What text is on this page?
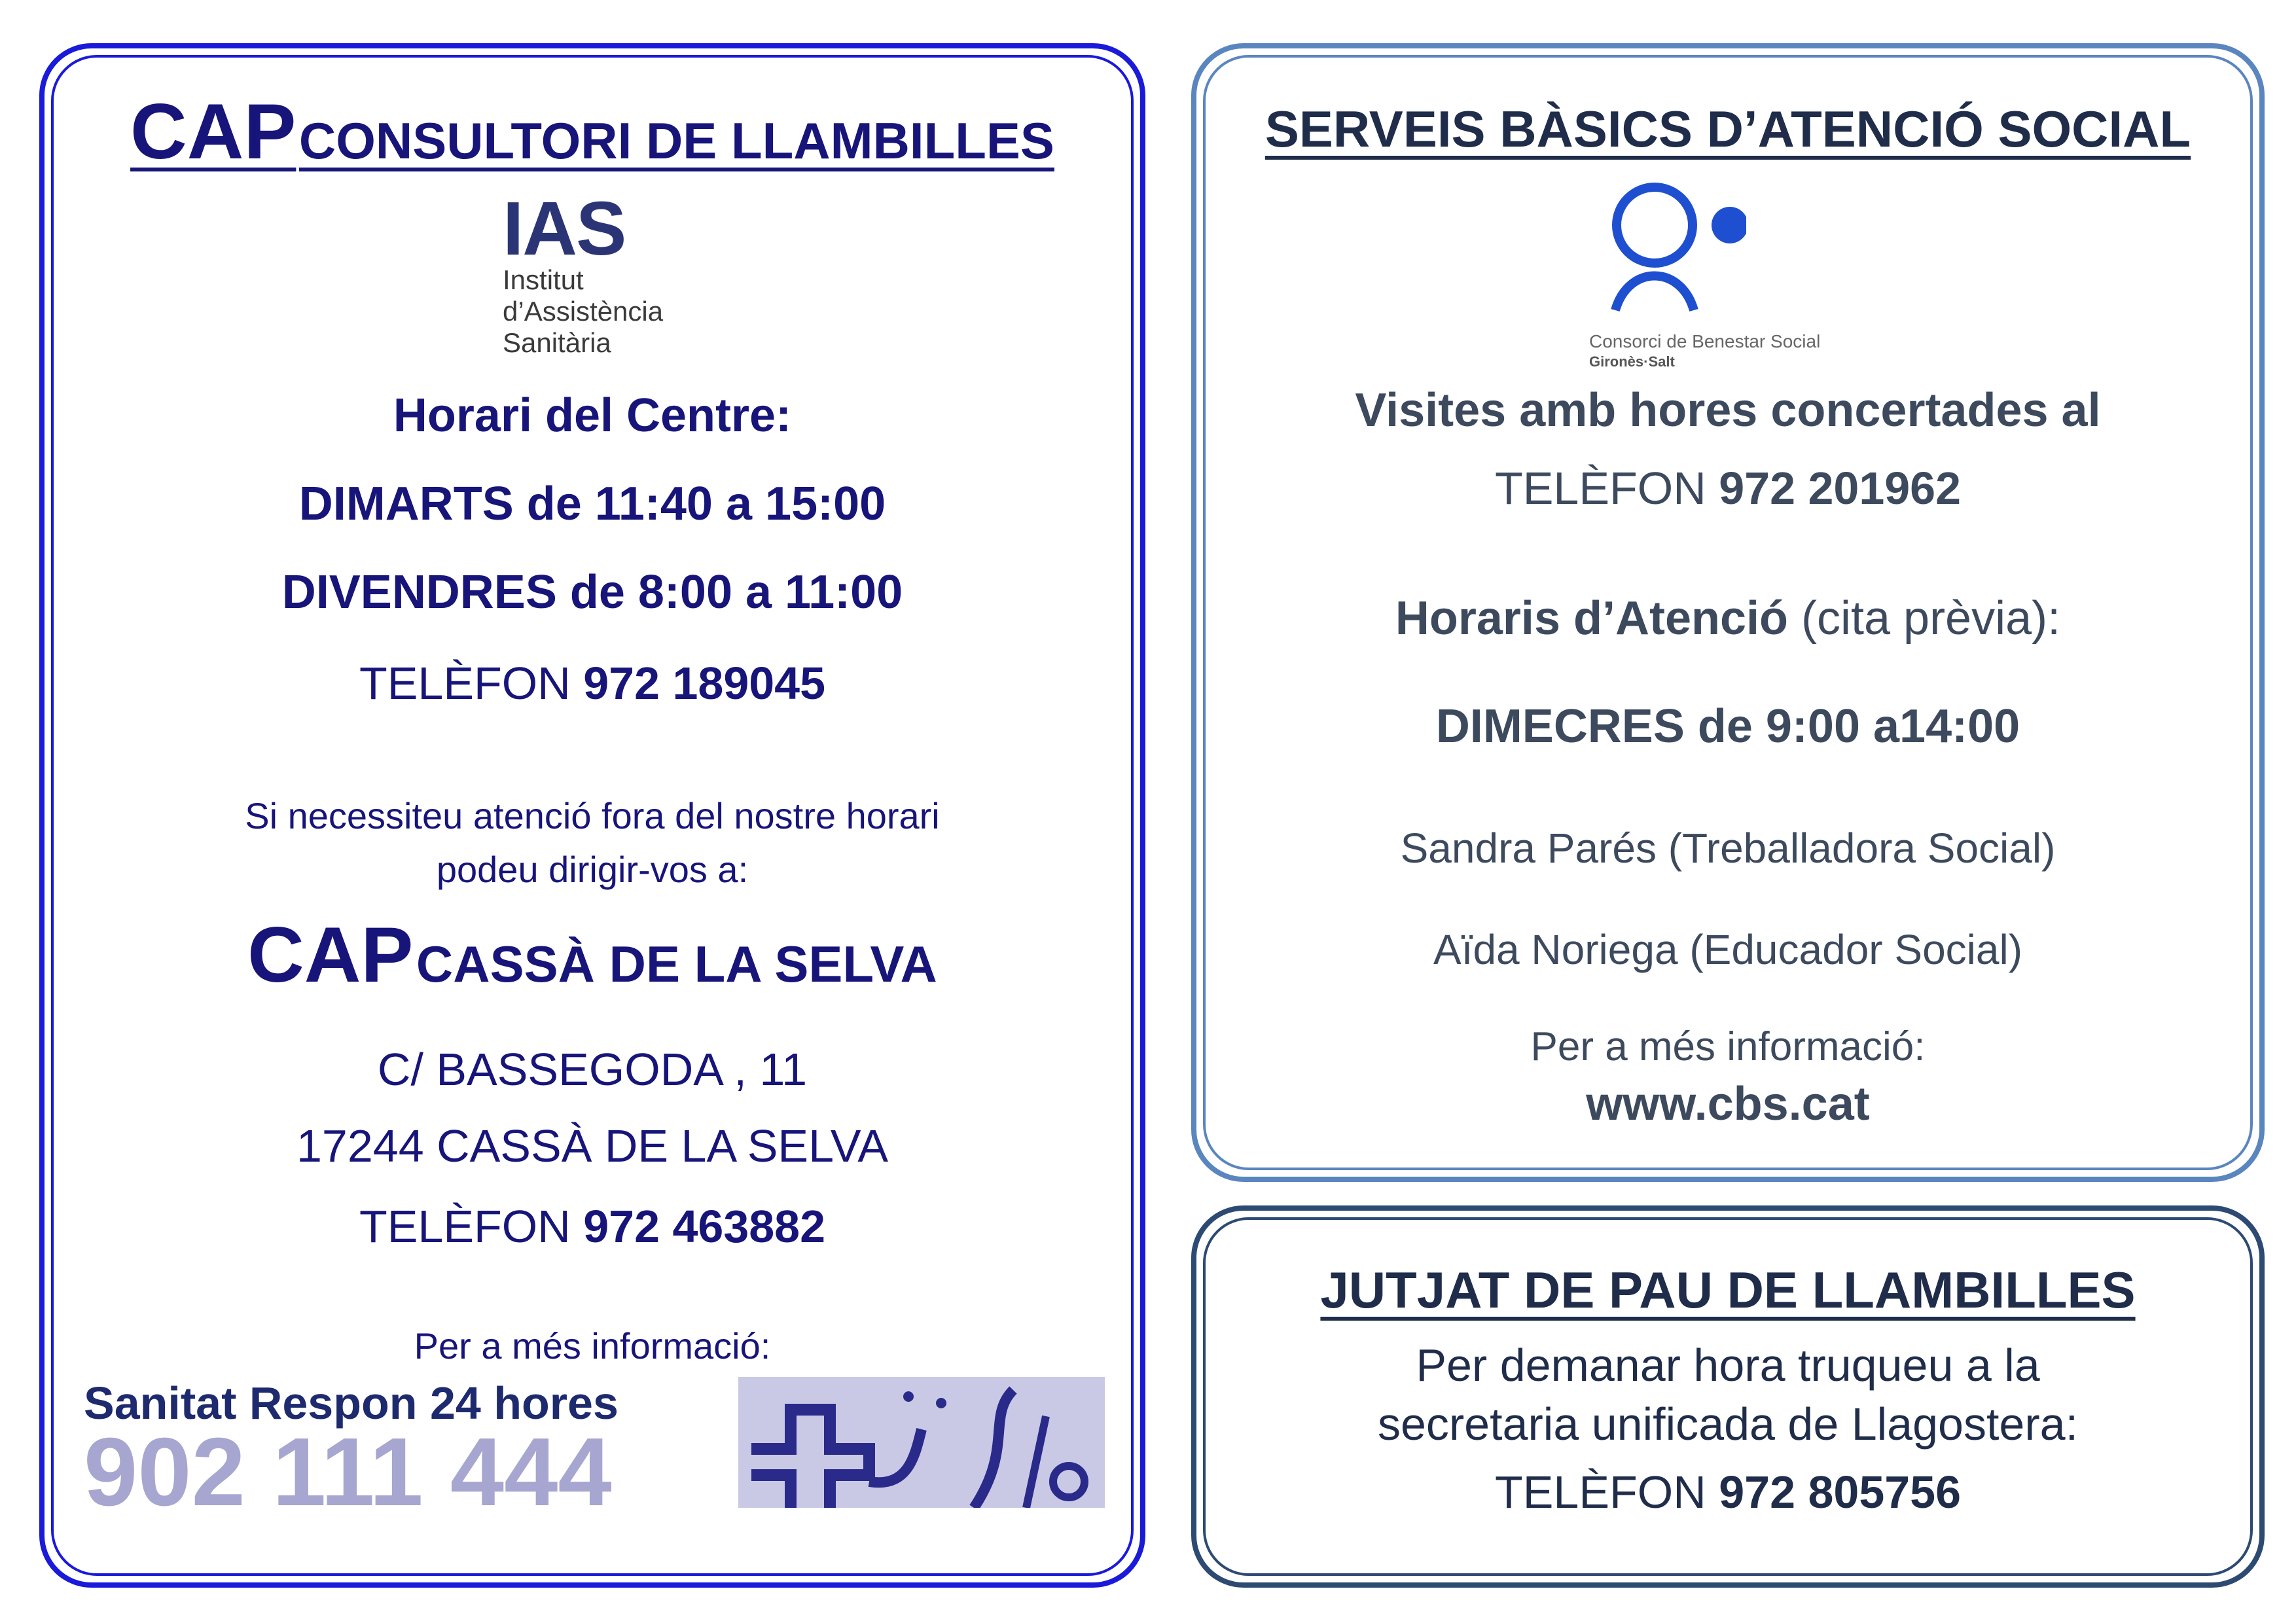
CAP CONSULTORI DE LLAMBILLES

IAS
Institut
d’Assistència
Sanitària

Horari del Centre:

DIMARTS de 11:40 a 15:00

DIVENDRES de 8:00 a 11:00

TELÈFON 972 189045

Si necessiteu atenció fora del nostre horari

podeu dirigir-vos a:

CAP CASSÀ DE LA SELVA

C/ BASSEGODA , 11

17244 CASSÀ DE LA SELVA

TELÈFON 972 463882

Per a més informació:

Sanitat Respon 24 hores
902 111 444

SERVEIS BÀSICS D’ATENCIÓ SOCIAL

Consorci de Benestar Social
Gironès·Salt

Visites amb hores concertades al

TELÈFON 972 201962

Horaris d’Atenció (cita prèvia):

DIMECRES de 9:00 a14:00

Sandra Parés (Treballadora Social)

Aïda Noriega (Educador Social)

Per a més informació:

www.cbs.cat

JUTJAT DE PAU DE LLAMBILLES

Per demanar hora truqueu a la

secretaria unificada de Llagostera:

TELÈFON 972 805756
